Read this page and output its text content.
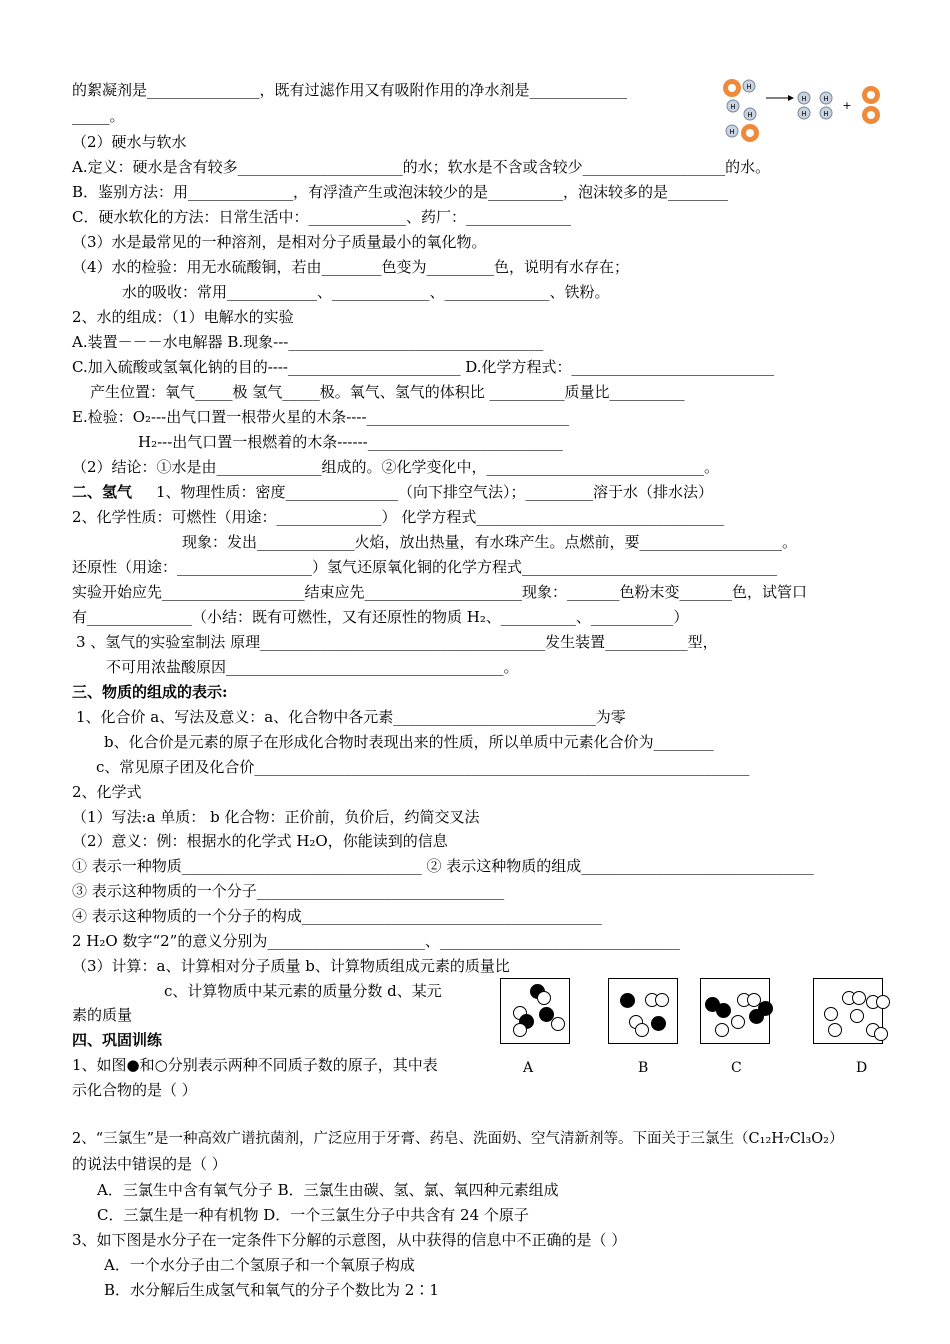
H
H
H
H
H
H
H
H
+
的絮凝剂是_______________，既有过滤作用又有吸附作用的净水剂是_____________
_____。
（2）硬水与软水
A.定义：硬水是含有较多______________________的水；软水是不含或含较少___________________的水。
B．鉴别方法：用______________，有浮渣产生或泡沫较少的是__________，泡沫较多的是________
C．硬水软化的方法：日常生活中：_____________、药厂：______________
（3）水是最常见的一种溶剂，是相对分子质量最小的氧化物。
（4）水的检验：用无水硫酸铜，若由________色变为_________色，说明有水存在；
水的吸收：常用____________、_____________、______________、铁粉。
2、水的组成：（1）电解水的实验
A.装置－－－水电解器 B.现象---__________________________________
C.加入硫酸或氢氧化钠的目的----_______________________ D.化学方程式：___________________________
产生位置：氧气_____极 氢气_____极。氧气、氢气的体积比 __________质量比__________
E.检验：O₂---出气口置一根带火星的木条----___________________________
H₂---出气口置一根燃着的木条------__________________________
（2）结论：①水是由______________组成的。②化学变化中，_____________________________。
二、氢气 1、物理性质：密度_______________（向下排空气法）；_________溶于水（排水法）
2、化学性质：可燃性（用途：______________） 化学方程式_________________________________
现象：发出_____________火焰，放出热量，有水珠产生。点燃前，要___________________。
还原性（用途：__________________）氢气还原氧化铜的化学方程式__________________________________
实验开始应先___________________结束应先_____________________现象：_______色粉末变_______色，试管口
有______________（小结：既有可燃性，又有还原性的物质 H₂、__________、___________）
3 、氢气的实验室制法 原理______________________________________发生装置___________型，
不可用浓盐酸原因_____________________________________。
三、物质的组成的表示:
1、化合价 a、写法及意义：a、化合物中各元素___________________________为零
b、化合价是元素的原子在形成化合物时表现出来的性质，所以单质中元素化合价为________
c、常见原子团及化合价__________________________________________________________________
2、化学式
（1）写法:a 单质： b 化合物：正价前，负价后，约简交叉法
（2）意义：例：根据水的化学式 H₂O，你能读到的信息
① 表示一种物质________________________________ ② 表示这种物质的组成_______________________________
③ 表示这种物质的一个分子_________________________________
④ 表示这种物质的一个分子的构成________________________________________
2 H₂O 数字“2”的意义分别为_____________________、________________________________
（3）计算：a、计算相对分子质量 b、计算物质组成元素的质量比
c、计算物质中某元素的质量分数 d、某元
素的质量
四、巩固训练
1、如图●和○分别表示两种不同质子数的原子，其中表
示化合物的是（ ）
A	B	C	D
2、“三氯生”是一种高效广谱抗菌剂，广泛应用于牙膏、药皂、洗面奶、空气清新剂等。下面关于三氯生（C₁₂H₇Cl₃O₂）
的说法中错误的是（ ）
A．三氯生中含有氧气分子 B．三氯生由碳、氢、氯、氧四种元素组成
C．三氯生是一种有机物 D．一个三氯生分子中共含有 24 个原子
3、如下图是水分子在一定条件下分解的示意图，从中获得的信息中不正确的是（ ）
A．一个水分子由二个氢原子和一个氧原子构成
B．水分解后生成氢气和氧气的分子个数比为 2∶1
